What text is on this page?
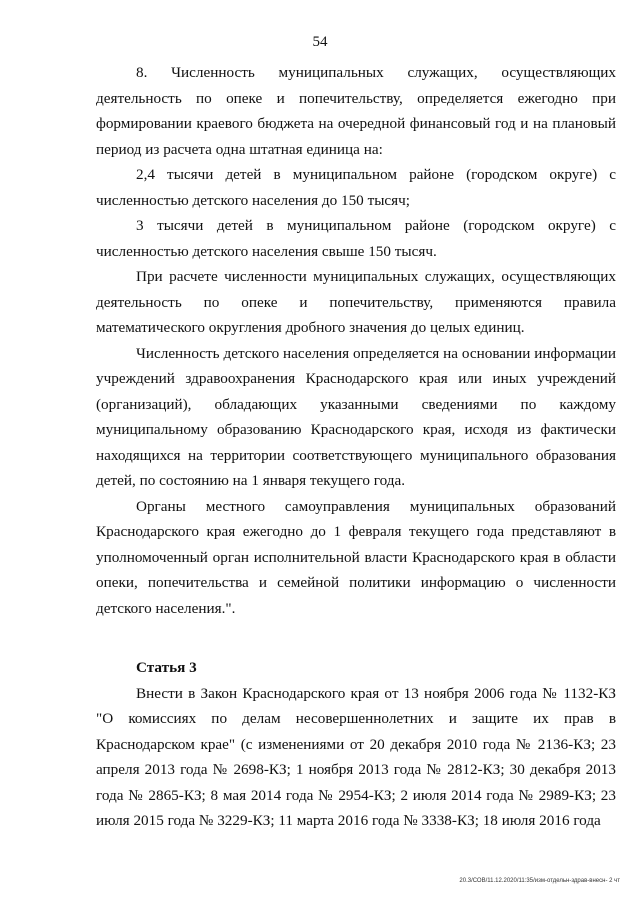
54

8. Численность муниципальных служащих, осуществляющих деятельность по опеке и попечительству, определяется ежегодно при формировании краевого бюджета на очередной финансовый год и на плановый период из расчета одна штатная единица на:

2,4 тысячи детей в муниципальном районе (городском округе) с численностью детского населения до 150 тысяч;

3 тысячи детей в муниципальном районе (городском округе) с численностью детского населения свыше 150 тысяч.

При расчете численности муниципальных служащих, осуществляющих деятельность по опеке и попечительству, применяются правила математического округления дробного значения до целых единиц.

Численность детского населения определяется на основании информации учреждений здравоохранения Краснодарского края или иных учреждений (организаций), обладающих указанными сведениями по каждому муниципальному образованию Краснодарского края, исходя из фактически находящихся на территории соответствующего муниципального образования детей, по состоянию на 1 января текущего года.

Органы местного самоуправления муниципальных образований Краснодарского края ежегодно до 1 февраля текущего года представляют в уполномоченный орган исполнительной власти Краснодарского края в области опеки, попечительства и семейной политики информацию о численности детского населения.".

Статья 3

Внести в Закон Краснодарского края от 13 ноября 2006 года № 1132-КЗ "О комиссиях по делам несовершеннолетних и защите их прав в Краснодарском крае" (с изменениями от 20 декабря 2010 года № 2136-КЗ; 23 апреля 2013 года № 2698-КЗ; 1 ноября 2013 года № 2812-КЗ; 30 декабря 2013 года № 2865-КЗ; 8 мая 2014 года № 2954-КЗ; 2 июля 2014 года № 2989-КЗ; 23 июля 2015 года № 3229-КЗ; 11 марта 2016 года № 3338-КЗ; 18 июля 2016 года

20.3/СОВ/11.12.2020/11:35/изм-отдельн-здрав-внесн- 2 чт
